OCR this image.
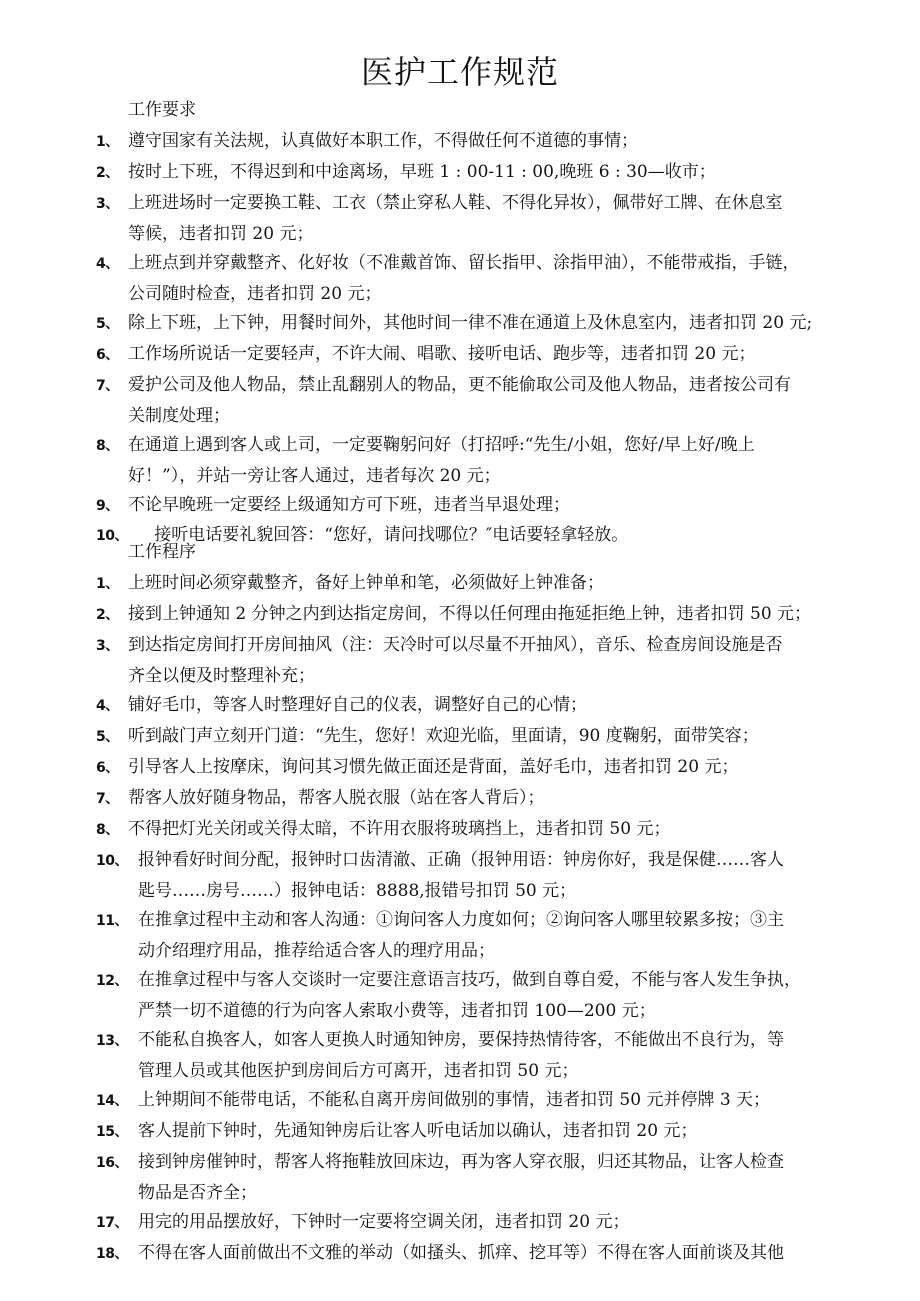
医护工作规范
工作要求
1、 遵守国家有关法规，认真做好本职工作，不得做任何不道德的事情；
2、 按时上下班，不得迟到和中途离场，早班 1 : 00-11 : 00,晚班 6 : 30—收市；
3、 上班进场时一定要换工鞋、工衣（禁止穿私人鞋、不得化异妆），佩带好工牌、在休息室
等候，违者扣罚 20 元；
4、 上班点到并穿戴整齐、化好妆（不准戴首饰、留长指甲、涂指甲油），不能带戒指，手链，
公司随时检查，违者扣罚 20 元；
5、 除上下班，上下钟，用餐时间外，其他时间一律不准在通道上及休息室内，违者扣罚 20 元;
6、 工作场所说话一定要轻声，不许大闹、唱歌、接听电话、跑步等，违者扣罚 20 元；
7、 爱护公司及他人物品，禁止乱翻别人的物品，更不能偷取公司及他人物品，违者按公司有
关制度处理；
8、 在通道上遇到客人或上司，一定要鞠躬问好（打招呼:“先生/小姐，您好/早上好/晚上
好！”），并站一旁让客人通过，违者每次 20 元；
9、 不论早晚班一定要经上级通知方可下班，违者当早退处理；
10、   接听电话要礼貌回答：“您好，请问找哪位？″电话要轻拿轻放。
工作程序
1、 上班时间必须穿戴整齐，备好上钟单和笔，必须做好上钟准备；
2、 接到上钟通知 2 分钟之内到达指定房间，不得以任何理由拖延拒绝上钟，违者扣罚 50 元；
3、 到达指定房间打开房间抽风（注：天冷时可以尽量不开抽风），音乐、检查房间设施是否
齐全以便及时整理补充；
4、 铺好毛巾，等客人时整理好自己的仪表，调整好自己的心情；
5、 听到敲门声立刻开门道：“先生，您好！欢迎光临，里面请，90 度鞠躬，面带笑容；
6、 引导客人上按摩床，询问其习惯先做正面还是背面，盖好毛巾，违者扣罚 20 元；
7、 帮客人放好随身物品，帮客人脱衣服（站在客人背后）；
8、 不得把灯光关闭或关得太暗，不许用衣服将玻璃挡上，违者扣罚 50 元；
10、 报钟看好时间分配，报钟时口齿清澈、正确（报钟用语：钟房你好，我是保健……客人
匙号……房号……）报钟电话：8888,报错号扣罚 50 元；
11、 在推拿过程中主动和客人沟通：①询问客人力度如何；②询问客人哪里较累多按；③主
动介绍理疗用品，推荐给适合客人的理疗用品；
12、 在推拿过程中与客人交谈时一定要注意语言技巧，做到自尊自爱，不能与客人发生争执，
严禁一切不道德的行为向客人索取小费等，违者扣罚 100—200 元；
13、 不能私自换客人，如客人更换人时通知钟房，要保持热情待客，不能做出不良行为，等
管理人员或其他医护到房间后方可离开，违者扣罚 50 元；
14、 上钟期间不能带电话，不能私自离开房间做别的事情，违者扣罚 50 元并停牌 3 天；
15、 客人提前下钟时，先通知钟房后让客人听电话加以确认，违者扣罚 20 元；
16、 接到钟房催钟时，帮客人将拖鞋放回床边，再为客人穿衣服，归还其物品，让客人检查
物品是否齐全；
17、 用完的用品摆放好，下钟时一定要将空调关闭，违者扣罚 20 元；
18、 不得在客人面前做出不文雅的举动（如搔头、抓痒、挖耳等）不得在客人面前谈及其他
